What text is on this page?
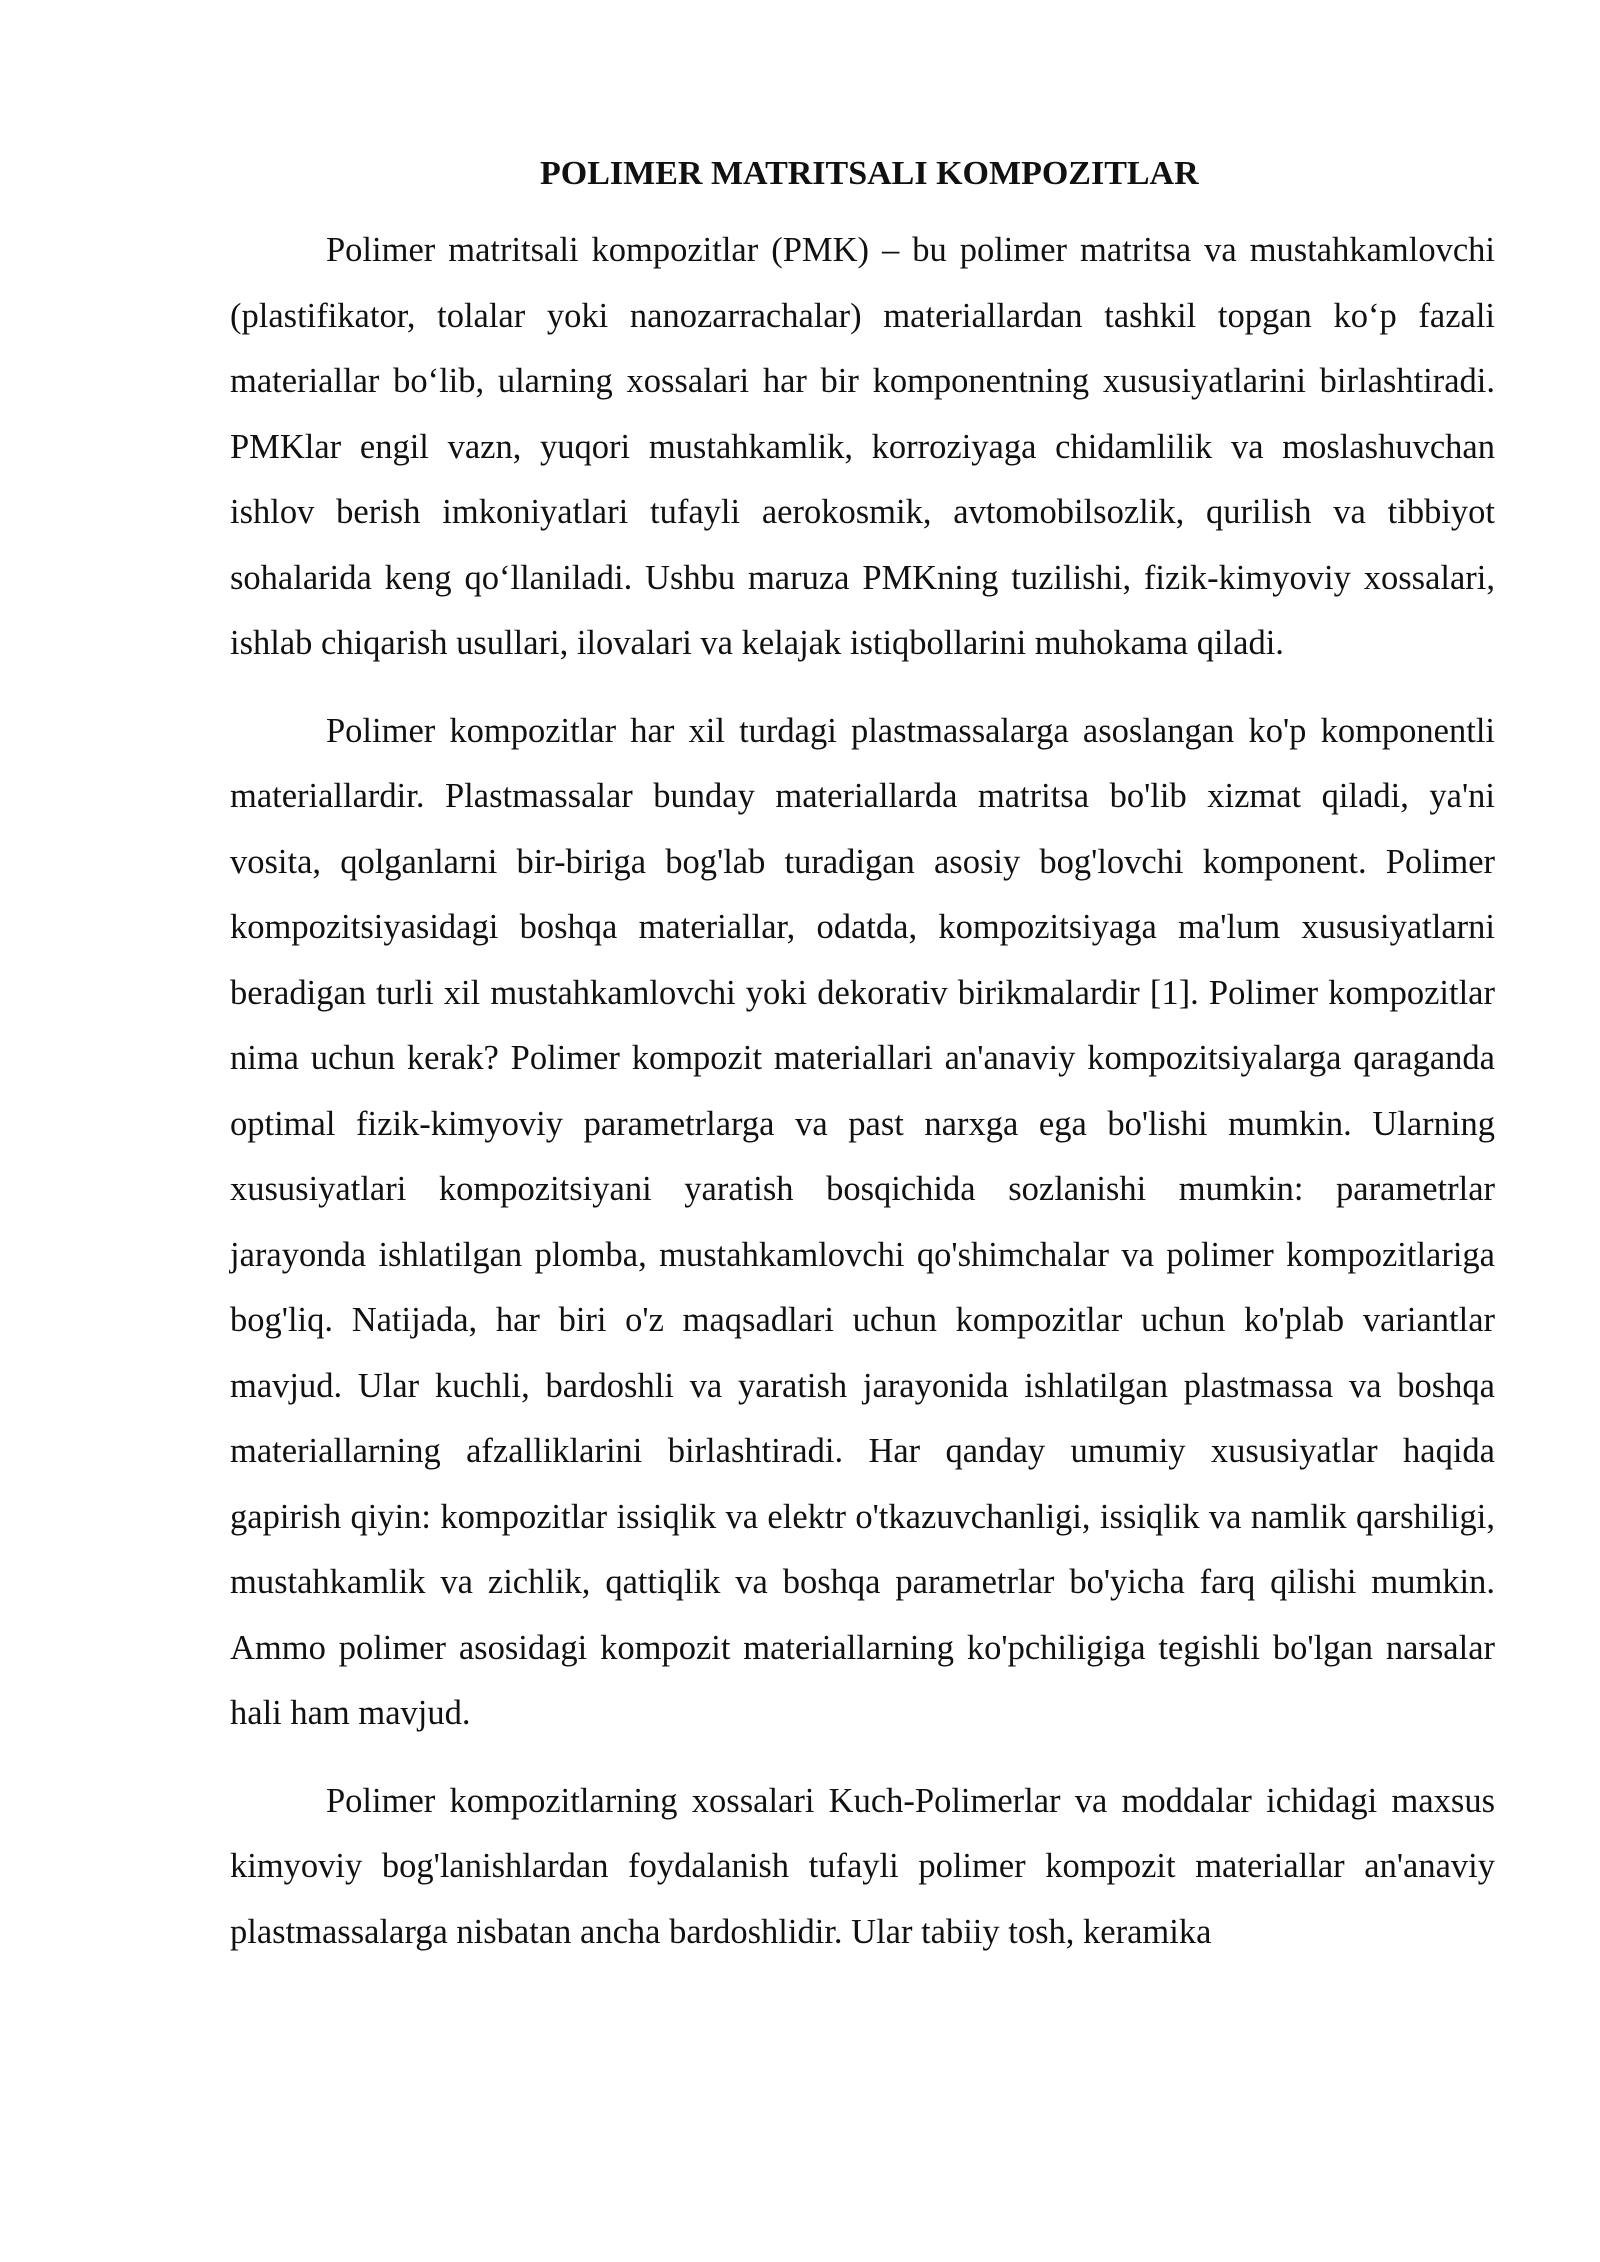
POLIMER MATRITSALI KOMPOZITLAR

Polimer matritsali kompozitlar (PMK) – bu polimer matritsa va mustahkamlovchi (plastifikator, tolalar yoki nanozarrachalar) materiallardan tashkil topgan ko‘p fazali materiallar bo‘lib, ularning xossalari har bir komponentning xususiyatlarini birlashtiradi. PMKlar engil vazn, yuqori mustahkamlik, korroziyaga chidamlilik va moslashuvchan ishlov berish imkoniyatlari tufayli aerokosmik, avtomobilsozlik, qurilish va tibbiyot sohalarida keng qo‘llaniladi. Ushbu maruza PMKning tuzilishi, fizik-kimyoviy xossalari, ishlab chiqarish usullari, ilovalari va kelajak istiqbollarini muhokama qiladi.

Polimer kompozitlar har xil turdagi plastmassalarga asoslangan ko'p komponentli materiallardir. Plastmassalar bunday materiallarda matritsa bo'lib xizmat qiladi, ya'ni vosita, qolganlarni bir-biriga bog'lab turadigan asosiy bog'lovchi komponent. Polimer kompozitsiyasidagi boshqa materiallar, odatda, kompozitsiyaga ma'lum xususiyatlarni beradigan turli xil mustahkamlovchi yoki dekorativ birikmalardir [1]. Polimer kompozitlar nima uchun kerak? Polimer kompozit materiallari an'anaviy kompozitsiyalarga qaraganda optimal fizik-kimyoviy parametrlarga va past narxga ega bo'lishi mumkin. Ularning xususiyatlari kompozitsiyani yaratish bosqichida sozlanishi mumkin: parametrlar jarayonda ishlatilgan plomba, mustahkamlovchi qo'shimchalar va polimer kompozitlariga bog'liq. Natijada, har biri o'z maqsadlari uchun kompozitlar uchun ko'plab variantlar mavjud. Ular kuchli, bardoshli va yaratish jarayonida ishlatilgan plastmassa va boshqa materiallarning afzalliklarini birlashtiradi. Har qanday umumiy xususiyatlar haqida gapirish qiyin: kompozitlar issiqlik va elektr o'tkazuvchanligi, issiqlik va namlik qarshiligi, mustahkamlik va zichlik, qattiqlik va boshqa parametrlar bo'yicha farq qilishi mumkin. Ammo polimer asosidagi kompozit materiallarning ko'pchiligiga tegishli bo'lgan narsalar hali ham mavjud.

Polimer kompozitlarning xossalari Kuch-Polimerlar va moddalar ichidagi maxsus kimyoviy bog'lanishlardan foydalanish tufayli polimer kompozit materiallar an'anaviy plastmassalarga nisbatan ancha bardoshlidir. Ular tabiiy tosh, keramika
